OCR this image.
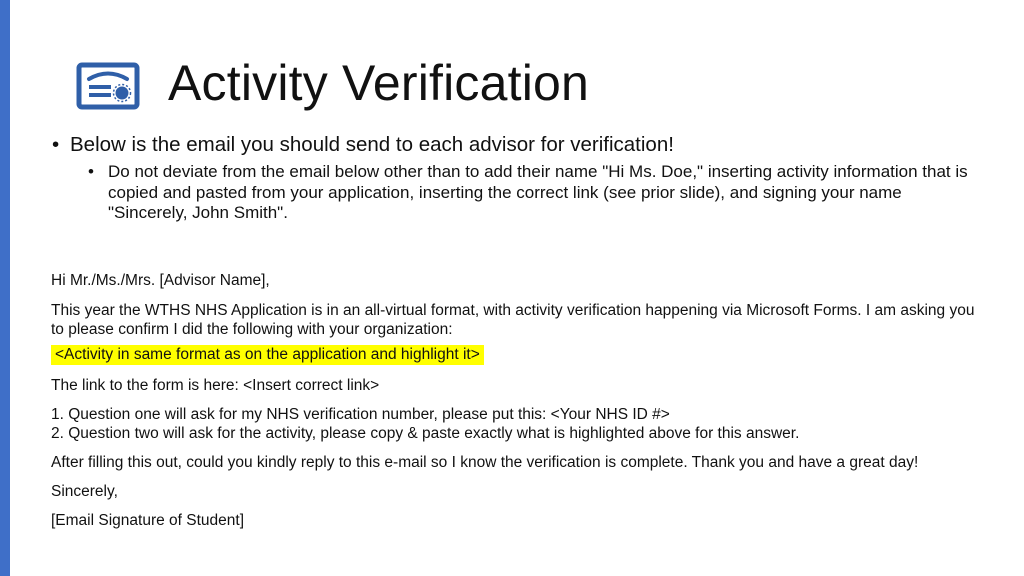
Activity Verification
• Below is the email you should send to each advisor for verification!
• Do not deviate from the email below other than to add their name "Hi Ms. Doe," inserting activity information that is copied and pasted from your application, inserting the correct link (see prior slide), and signing your name "Sincerely, John Smith".

Hi Mr./Ms./Mrs. [Advisor Name],

This year the WTHS NHS Application is in an all-virtual format, with activity verification happening via Microsoft Forms. I am asking you to please confirm I did the following with your organization:

<Activity in same format as on the application and highlight it>

The link to the form is here: <Insert correct link>

1. Question one will ask for my NHS verification number, please put this: <Your NHS ID #>

2. Question two will ask for the activity, please copy & paste exactly what is highlighted above for this answer.

After filling this out, could you kindly reply to this e-mail so I know the verification is complete. Thank you and have a great day!

Sincerely,

[Email Signature of Student]
